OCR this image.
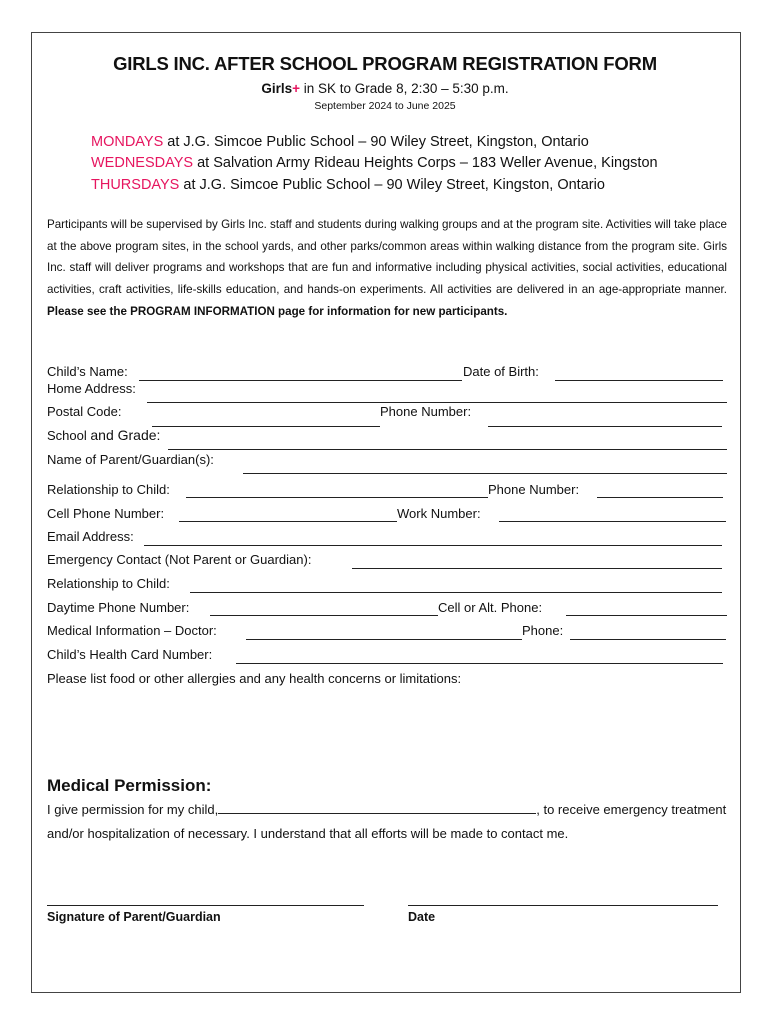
GIRLS INC. AFTER SCHOOL PROGRAM REGISTRATION FORM
Girls+ in SK to Grade 8, 2:30 – 5:30 p.m.
September 2024 to June 2025
MONDAYS at J.G. Simcoe Public School – 90 Wiley Street, Kingston, Ontario
WEDNESDAYS at Salvation Army Rideau Heights Corps – 183 Weller Avenue, Kingston
THURSDAYS at J.G. Simcoe Public School – 90 Wiley Street, Kingston, Ontario
Participants will be supervised by Girls Inc. staff and students during walking groups and at the program site. Activities will take place at the above program sites, in the school yards, and other parks/common areas within walking distance from the program site. Girls Inc. staff will deliver programs and workshops that are fun and informative including physical activities, social activities, educational activities, craft activities, life-skills education, and hands-on experiments. All activities are delivered in an age-appropriate manner. Please see the PROGRAM INFORMATION page for information for new participants.
Child’s Name:	Date of Birth:
Home Address:
Postal Code:	Phone Number:
School and Grade:
Name of Parent/Guardian(s):
Relationship to Child:	Phone Number:
Cell Phone Number:	Work Number:
Email Address:
Emergency Contact (Not Parent or Guardian):
Relationship to Child:
Daytime Phone Number:	Cell or Alt. Phone:
Medical Information – Doctor:	Phone:
Child’s Health Card Number:
Please list food or other allergies and any health concerns or limitations:
Medical Permission:
I give permission for my child,	, to receive emergency treatment and/or hospitalization of necessary. I understand that all efforts will be made to contact me.
Signature of Parent/Guardian	Date
